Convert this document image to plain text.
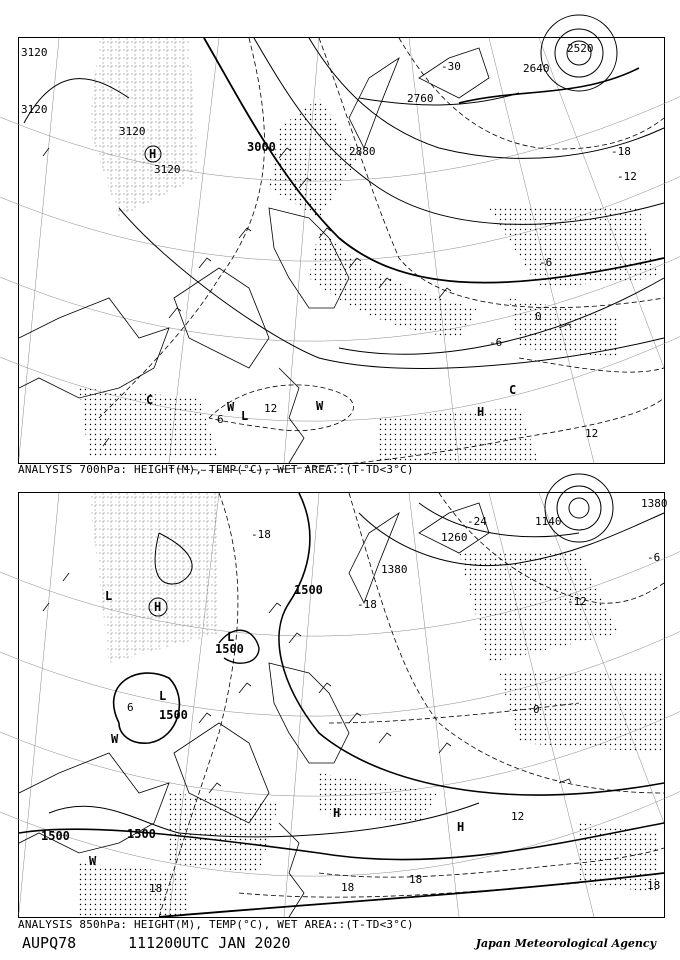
3120
3120
3120
3120
3000	2880
2760
2640
2520
-30
-18
-12
-6
-6
0
6
12
12
H
H
L
W	W
C
C
ANALYSIS 700hPa: HEIGHT(M), TEMP(°C), WET AREA::(T-TD<3°C)
1500
1500
1500
1500
1500
1380
1380
1260
1140
-24
-18
-18	-12
-6
0
6
12
18	18
18	18
L
H
L
L
W
W
H
H
ANALYSIS 850hPa: HEIGHT(M), TEMP(°C), WET AREA::(T-TD<3°C)
AUPQ78	111200UTC JAN 2020	Japan Meteorological Agency
